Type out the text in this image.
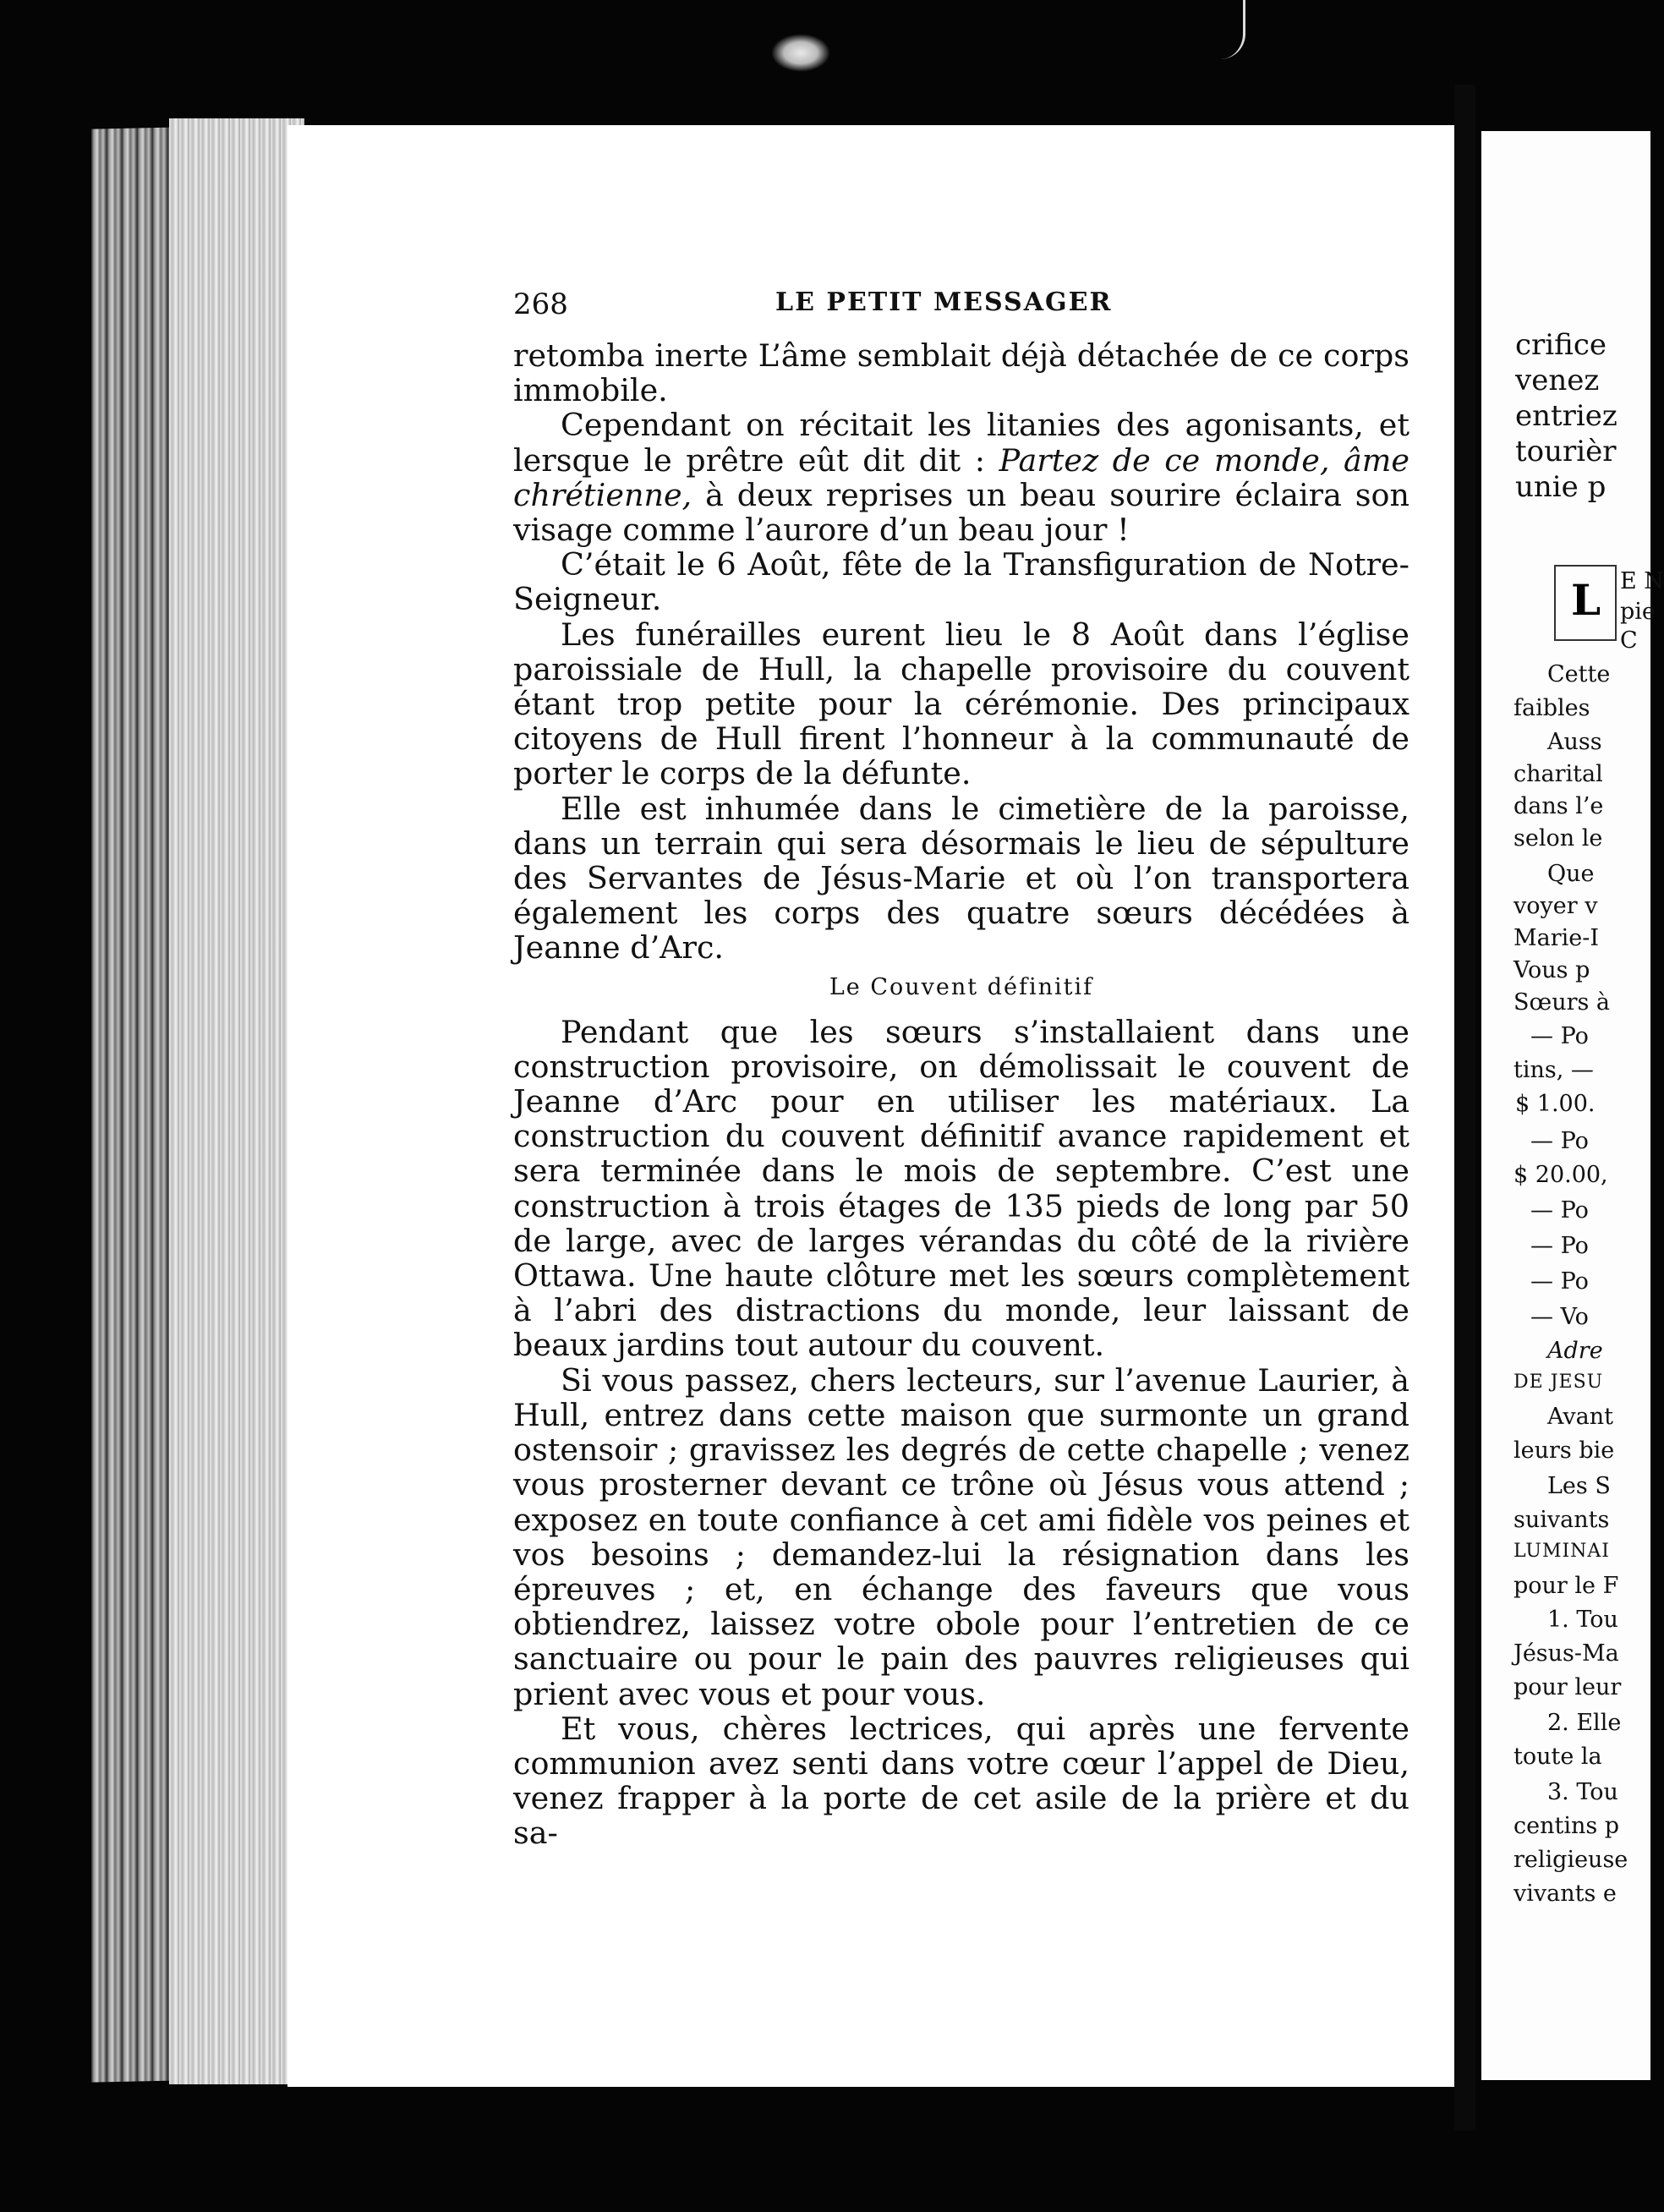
268	LE PETIT MESSAGER

retomba inerte L’âme semblait déjà détachée de ce corps immobile.

Cependant on récitait les litanies des agonisants, et lersque le prêtre eût dit dit : Partez de ce monde, âme chrétienne, à deux reprises un beau sourire éclaira son visage comme l’aurore d’un beau jour !

C’était le 6 Août, fête de la Transfiguration de Notre-Seigneur.

Les funérailles eurent lieu le 8 Août dans l’église paroissiale de Hull, la chapelle provisoire du couvent étant trop petite pour la cérémonie. Des principaux citoyens de Hull firent l’honneur à la communauté de porter le corps de la défunte.

Elle est inhumée dans le cimetière de la paroisse, dans un terrain qui sera désormais le lieu de sépulture des Servantes de Jésus-Marie et où l’on transportera également les corps des quatre sœurs décédées à Jeanne d’Arc.

Le Couvent définitif

Pendant que les sœurs s’installaient dans une construction provisoire, on démolissait le couvent de Jeanne d’Arc pour en utiliser les matériaux. La construction du couvent définitif avance rapidement et sera terminée dans le mois de septembre. C’est une construction à trois étages de 135 pieds de long par 50 de large, avec de larges vérandas du côté de la rivière Ottawa. Une haute clôture met les sœurs complètement à l’abri des distractions du monde, leur laissant de beaux jardins tout autour du couvent.

Si vous passez, chers lecteurs, sur l’avenue Laurier, à Hull, entrez dans cette maison que surmonte un grand ostensoir ; gravissez les degrés de cette chapelle ; venez vous prosterner devant ce trône où Jésus vous attend ; exposez en toute confiance à cet ami fidèle vos peines et vos besoins ; demandez-lui la résignation dans les épreuves ; et, en échange des faveurs que vous obtiendrez, laissez votre obole pour l’entretien de ce sanctuaire ou pour le pain des pauvres religieuses qui prient avec vous et pour vous.

Et vous, chères lectrices, qui après une fervente communion avez senti dans votre cœur l’appel de Dieu, venez frapper à la porte de cet asile de la prière et du sa-

crifice
venez
entriez
tourièr
unie p
L E N
pie
C
Cette
faibles
Auss
charital
dans l’e
selon le
Que
voyer v
Marie-I
Vous p
Sœurs à
— Po
tins, —
$ 1.00.
— Po
$ 20.00,
— Po
— Po
— Po
— Vo
Adre
DE JESU
Avant
leurs bie
Les S
suivants
LUMINAI
pour le F
1. Tou
Jésus-Ma
pour leur
2. Elle
toute la
3. Tou
centins p
religieuse
vivants e
